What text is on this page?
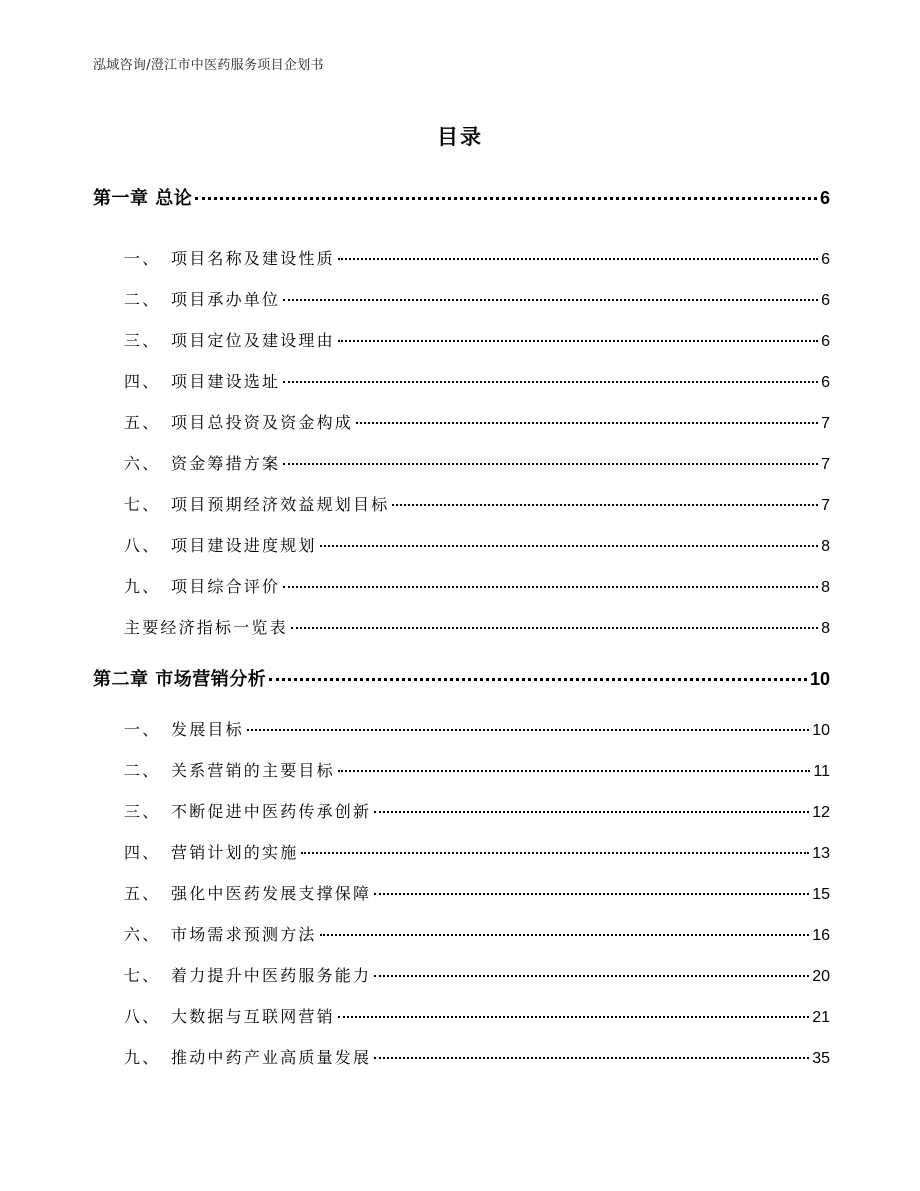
泓域咨询/澄江市中医药服务项目企划书
目录
第一章 总论	6
一、 项目名称及建设性质	6
二、 项目承办单位	6
三、 项目定位及建设理由	6
四、 项目建设选址	6
五、 项目总投资及资金构成	7
六、 资金筹措方案	7
七、 项目预期经济效益规划目标	7
八、 项目建设进度规划	8
九、 项目综合评价	8
主要经济指标一览表	8
第二章 市场营销分析	10
一、 发展目标	10
二、 关系营销的主要目标	11
三、 不断促进中医药传承创新	12
四、 营销计划的实施	13
五、 强化中医药发展支撑保障	15
六、 市场需求预测方法	16
七、 着力提升中医药服务能力	20
八、 大数据与互联网营销	21
九、 推动中药产业高质量发展	35
